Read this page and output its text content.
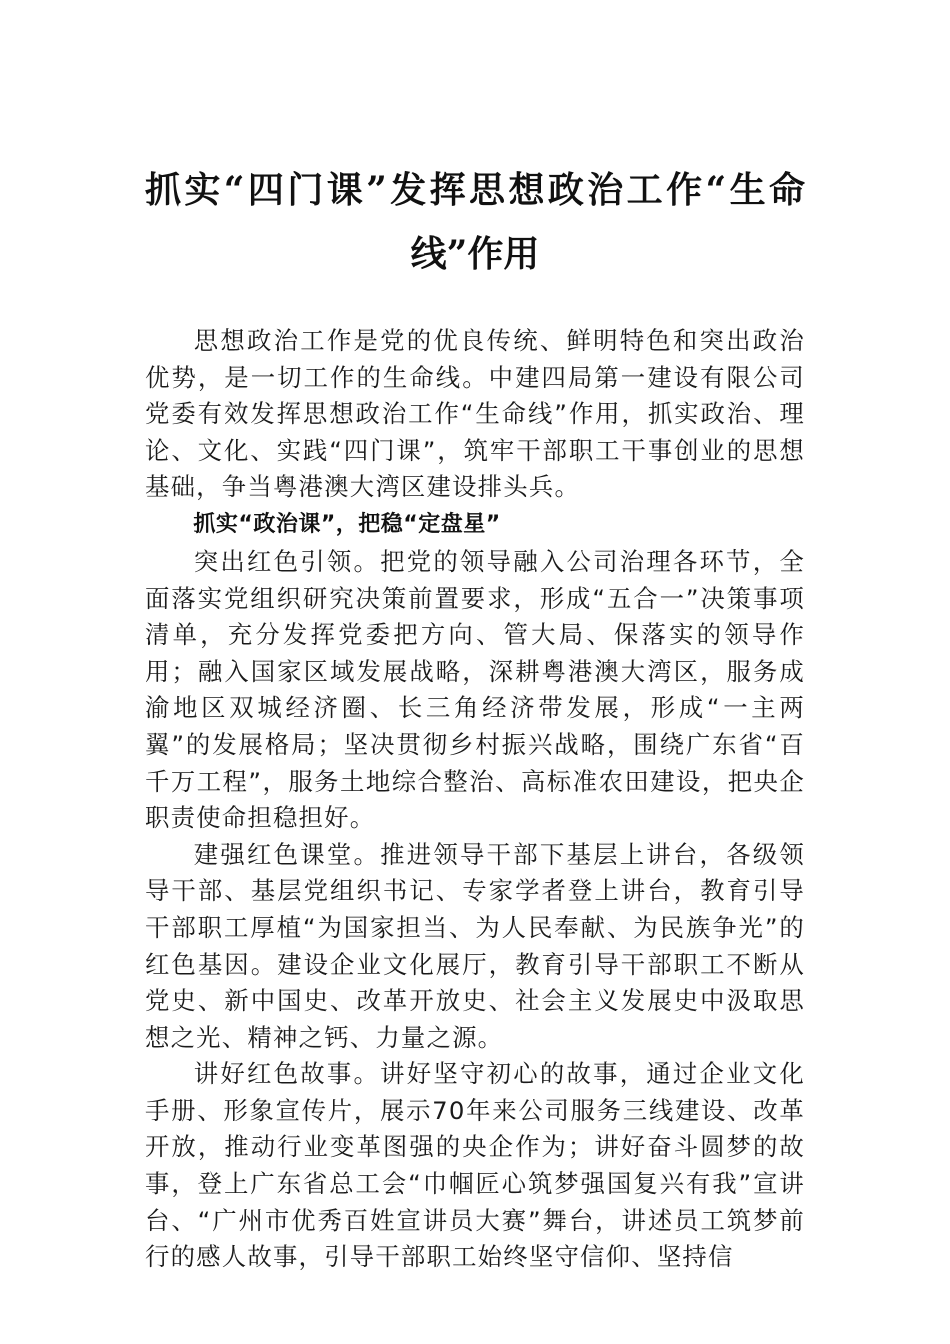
抓实“四门课”发挥思想政治工作“生命线”作用

思想政治工作是党的优良传统、鲜明特色和突出政治优势，是一切工作的生命线。中建四局第一建设有限公司党委有效发挥思想政治工作“生命线”作用，抓实政治、理论、文化、实践“四门课”，筑牢干部职工干事创业的思想基础，争当粤港澳大湾区建设排头兵。

抓实“政治课”，把稳“定盘星”

突出红色引领。把党的领导融入公司治理各环节，全面落实党组织研究决策前置要求，形成“五合一”决策事项清单，充分发挥党委把方向、管大局、保落实的领导作用；融入国家区域发展战略，深耕粤港澳大湾区，服务成渝地区双城经济圈、长三角经济带发展，形成“一主两翼”的发展格局；坚决贯彻乡村振兴战略，围绕广东省“百千万工程”，服务土地综合整治、高标准农田建设，把央企职责使命担稳担好。

建强红色课堂。推进领导干部下基层上讲台，各级领导干部、基层党组织书记、专家学者登上讲台，教育引导干部职工厚植“为国家担当、为人民奉献、为民族争光”的红色基因。建设企业文化展厅，教育引导干部职工不断从党史、新中国史、改革开放史、社会主义发展史中汲取思想之光、精神之钙、力量之源。

讲好红色故事。讲好坚守初心的故事，通过企业文化手册、形象宣传片，展示70年来公司服务三线建设、改革开放，推动行业变革图强的央企作为；讲好奋斗圆梦的故事，登上广东省总工会“巾帼匠心筑梦强国复兴有我”宣讲台、“广州市优秀百姓宣讲员大赛”舞台，讲述员工筑梦前行的感人故事，引导干部职工始终坚守信仰、坚持信
